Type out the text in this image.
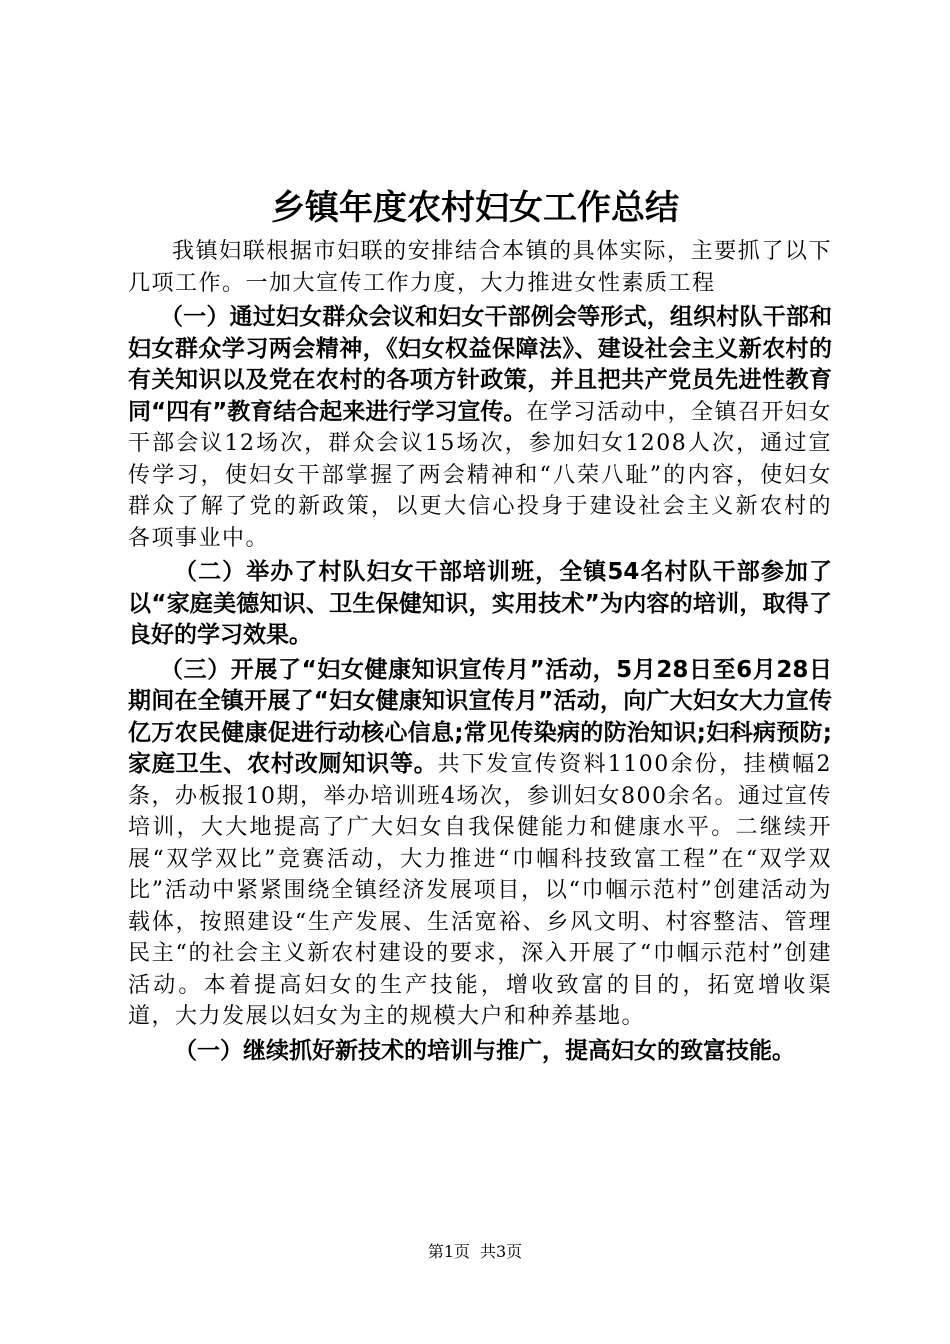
乡镇年度农村妇女工作总结

我镇妇联根据市妇联的安排结合本镇的具体实际，主要抓了以下几项工作。一加大宣传工作力度，大力推进女性素质工程

（一）通过妇女群众会议和妇女干部例会等形式，组织村队干部和妇女群众学习两会精神，《妇女权益保障法》、建设社会主义新农村的有关知识以及党在农村的各项方针政策，并且把共产党员先进性教育同“四有”教育结合起来进行学习宣传。在学习活动中，全镇召开妇女干部会议12场次，群众会议15场次，参加妇女1208人次，通过宣传学习，使妇女干部掌握了两会精神和“八荣八耻”的内容，使妇女群众了解了党的新政策，以更大信心投身于建设社会主义新农村的各项事业中。

（二）举办了村队妇女干部培训班，全镇54名村队干部参加了以“家庭美德知识、卫生保健知识，实用技术”为内容的培训，取得了良好的学习效果。

（三）开展了“妇女健康知识宣传月”活动，5月28日至6月28日期间在全镇开展了“妇女健康知识宣传月”活动，向广大妇女大力宣传亿万农民健康促进行动核心信息;常见传染病的防治知识;妇科病预防;家庭卫生、农村改厕知识等。共下发宣传资料1100余份，挂横幅2条，办板报10期，举办培训班4场次，参训妇女800余名。通过宣传培训，大大地提高了广大妇女自我保健能力和健康水平。二继续开展“双学双比”竞赛活动，大力推进“巾帼科技致富工程”在“双学双比”活动中紧紧围绕全镇经济发展项目，以“巾帼示范村”创建活动为载体，按照建设“生产发展、生活宽裕、乡风文明、村容整洁、管理民主“的社会主义新农村建设的要求，深入开展了“巾帼示范村”创建活动。本着提高妇女的生产技能，增收致富的目的，拓宽增收渠道，大力发展以妇女为主的规模大户和种养基地。

（一）继续抓好新技术的培训与推广，提高妇女的致富技能。

第1页 共3页
